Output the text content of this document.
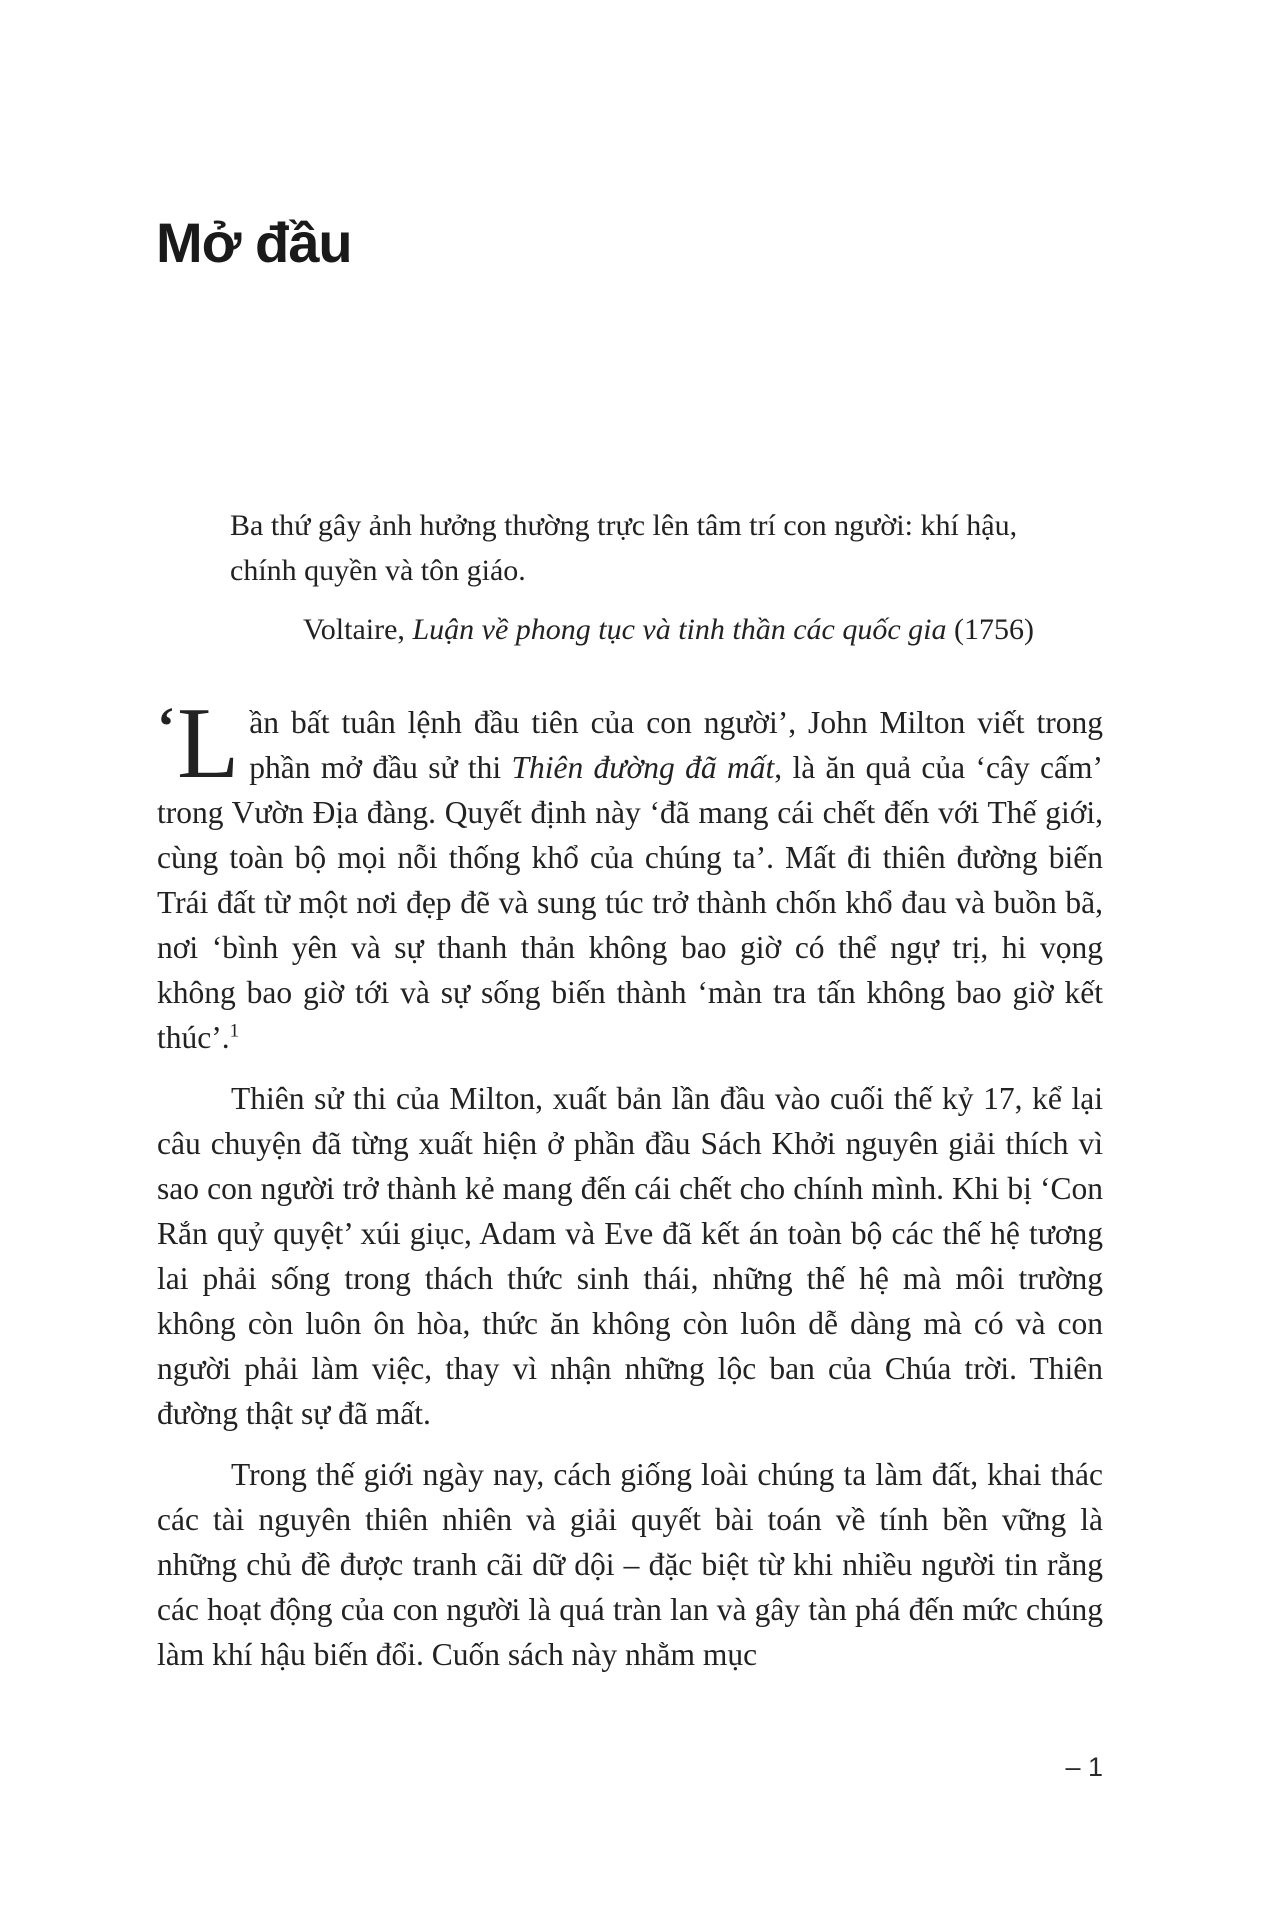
Mở đầu
Ba thứ gây ảnh hưởng thường trực lên tâm trí con người: khí hậu, chính quyền và tôn giáo.
Voltaire, Luận về phong tục và tinh thần các quốc gia (1756)

‘L ần bất tuân lệnh đầu tiên của con người’, John Milton viết trong phần mở đầu sử thi Thiên đường đã mất, là ăn quả của ‘cây cấm’ trong Vườn Địa đàng. Quyết định này ‘đã mang cái chết đến với Thế giới, cùng toàn bộ mọi nỗi thống khổ của chúng ta’. Mất đi thiên đường biến Trái đất từ một nơi đẹp đẽ và sung túc trở thành chốn khổ đau và buồn bã, nơi ‘bình yên và sự thanh thản không bao giờ có thể ngự trị, hi vọng không bao giờ tới và sự sống biến thành ‘màn tra tấn không bao giờ kết thúc’.$^1$

Thiên sử thi của Milton, xuất bản lần đầu vào cuối thế kỷ 17, kể lại câu chuyện đã từng xuất hiện ở phần đầu Sách Khởi nguyên giải thích vì sao con người trở thành kẻ mang đến cái chết cho chính mình. Khi bị ‘Con Rắn quỷ quyệt’ xúi giục, Adam và Eve đã kết án toàn bộ các thế hệ tương lai phải sống trong thách thức sinh thái, những thế hệ mà môi trường không còn luôn ôn hòa, thức ăn không còn luôn dễ dàng mà có và con người phải làm việc, thay vì nhận những lộc ban của Chúa trời. Thiên đường thật sự đã mất.

Trong thế giới ngày nay, cách giống loài chúng ta làm đất, khai thác các tài nguyên thiên nhiên và giải quyết bài toán về tính bền vững là những chủ đề được tranh cãi dữ dội – đặc biệt từ khi nhiều người tin rằng các hoạt động của con người là quá tràn lan và gây tàn phá đến mức chúng làm khí hậu biến đổi. Cuốn sách này nhằm mục

– 1
